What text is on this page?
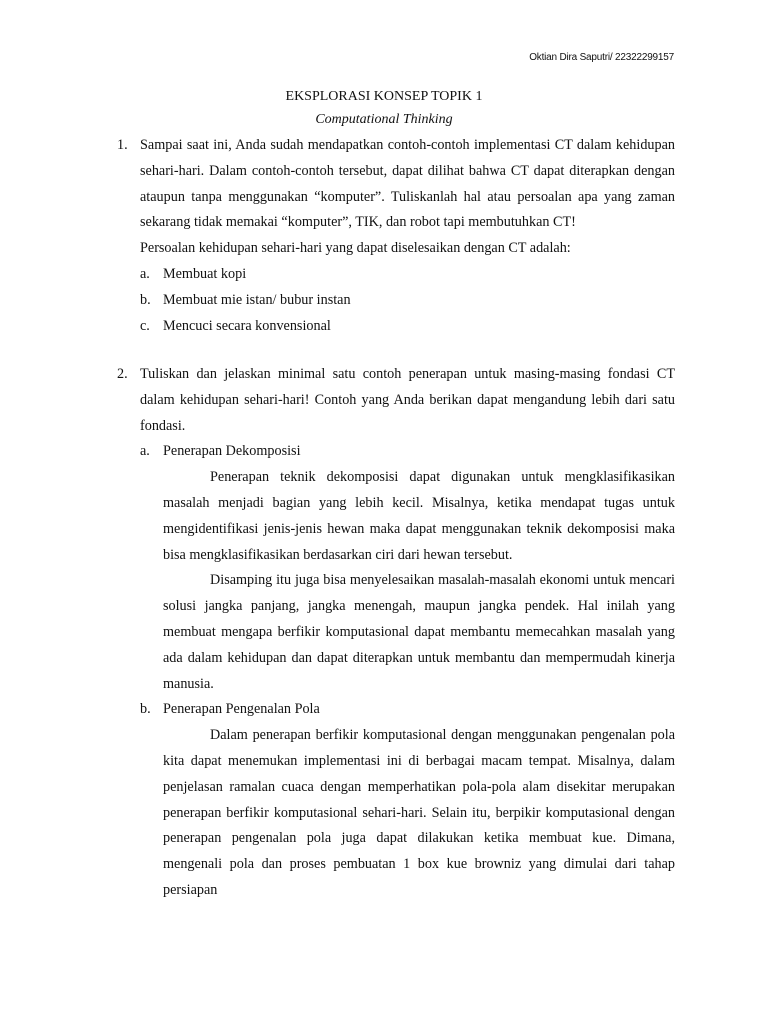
Oktian Dira Saputri/ 22322299157
EKSPLORASI KONSEP TOPIK 1
Computational Thinking
1. Sampai saat ini, Anda sudah mendapatkan contoh-contoh implementasi CT dalam kehidupan sehari-hari. Dalam contoh-contoh tersebut, dapat dilihat bahwa CT dapat diterapkan dengan ataupun tanpa menggunakan “komputer”. Tuliskanlah hal atau persoalan apa yang zaman sekarang tidak memakai “komputer”, TIK, dan robot tapi membutuhkan CT!
Persoalan kehidupan sehari-hari yang dapat diselesaikan dengan CT adalah:
a. Membuat kopi
b. Membuat mie istan/ bubur instan
c. Mencuci secara konvensional
2. Tuliskan dan jelaskan minimal satu contoh penerapan untuk masing-masing fondasi CT dalam kehidupan sehari-hari! Contoh yang Anda berikan dapat mengandung lebih dari satu fondasi.
a. Penerapan Dekomposisi
Penerapan teknik dekomposisi dapat digunakan untuk mengklasifikasikan masalah menjadi bagian yang lebih kecil. Misalnya, ketika mendapat tugas untuk mengidentifikasi jenis-jenis hewan maka dapat menggunakan teknik dekomposisi maka bisa mengklasifikasikan berdasarkan ciri dari hewan tersebut.
Disamping itu juga bisa menyelesaikan masalah-masalah ekonomi untuk mencari solusi jangka panjang, jangka menengah, maupun jangka pendek. Hal inilah yang membuat mengapa berfikir komputasional dapat membantu memecahkan masalah yang ada dalam kehidupan dan dapat diterapkan untuk membantu dan mempermudah kinerja manusia.
b. Penerapan Pengenalan Pola
Dalam penerapan berfikir komputasional dengan menggunakan pengenalan pola kita dapat menemukan implementasi ini di berbagai macam tempat. Misalnya, dalam penjelasan ramalan cuaca dengan memperhatikan pola-pola alam disekitar merupakan penerapan berfikir komputasional sehari-hari. Selain itu, berpikir komputasional dengan penerapan pengenalan pola juga dapat dilakukan ketika membuat kue. Dimana, mengenali pola dan proses pembuatan 1 box kue browniz yang dimulai dari tahap persiapan
